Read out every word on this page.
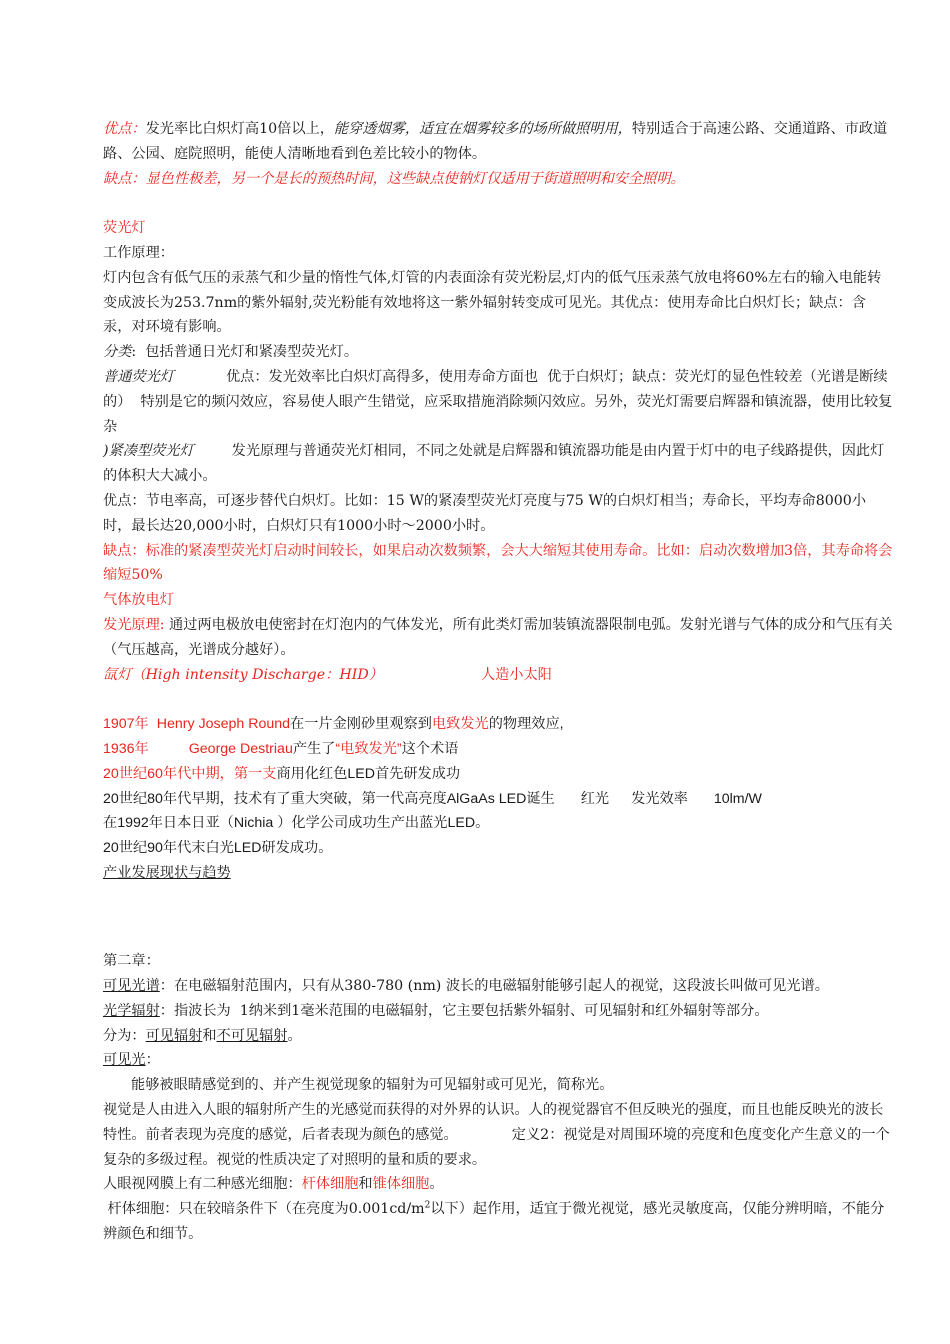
优点：发光率比白炽灯高10倍以上，能穿透烟雾，适宜在烟雾较多的场所做照明用，特别适合于高速公路、交通道路、市政道路、公园、庭院照明，能使人清晰地看到色差比较小的物体。

缺点：显色性极差，另一个是长的预热时间，这些缺点使钠灯仅适用于街道照明和安全照明。

荧光灯

工作原理：

灯内包含有低气压的汞蒸气和少量的惰性气体,灯管的内表面涂有荧光粉层,灯内的低气压汞蒸气放电将60%左右的输入电能转变成波长为253.7nm的紫外辐射,荧光粉能有效地将这一紫外辐射转变成可见光。其优点：使用寿命比白炽灯长；缺点：含汞，对环境有影响。

分类:  包括普通日光灯和紧凑型荧光灯。

普通荧光灯	优点：发光效率比白炽灯高得多，使用寿命方面也  优于白炽灯；缺点：荧光灯的显色性较差（光谱是断续的）  特别是它的频闪效应，容易使人眼产生错觉，应采取措施消除频闪效应。另外，荧光灯需要启辉器和镇流器，使用比较复杂

)紧凑型荧光灯	发光原理与普通荧光灯相同，不同之处就是启辉器和镇流器功能是由内置于灯中的电子线路提供，因此灯的体积大大减小。

优点：节电率高，可逐步替代白炽灯。比如：15 W的紧凑型荧光灯亮度与75 W的白炽灯相当；寿命长，平均寿命8000小时，最长达20,000小时，白炽灯只有1000小时～2000小时。

缺点：标准的紧凑型荧光灯启动时间较长，如果启动次数频繁，会大大缩短其使用寿命。比如：启动次数增加3倍，其寿命将会缩短50%

气体放电灯

发光原理: 通过两电极放电使密封在灯泡内的气体发光，所有此类灯需加装镇流器限制电弧。发射光谱与气体的成分和气压有关（气压越高，光谱成分越好）。

氙灯（High intensity Discharge：HID）	人造小太阳

1907年 Henry Joseph Round在一片金刚砂里观察到电致发光的物理效应,

1936年	George Destriau产生了“电致发光”这个术语

20世纪60年代中期，第一支商用化红色LED首先研发成功

20世纪80年代早期，技术有了重大突破，第一代高亮度AlGaAs LED诞生 红光 发光效率 10lm/W

在1992年日本日亚（Nichia ）化学公司成功生产出蓝光LED。

20世纪90年代末白光LED研发成功。

产业发展现状与趋势

第二章：

可见光谱：在电磁辐射范围内，只有从380-780 (nm) 波长的电磁辐射能够引起人的视觉，这段波长叫做可见光谱。

光学辐射：指波长为  1纳米到1毫米范围的电磁辐射，它主要包括紫外辐射、可见辐射和红外辐射等部分。

分为：可见辐射和不可见辐射。

可见光：

能够被眼睛感觉到的、并产生视觉现象的辐射为可见辐射或可见光，简称光。

视觉是人由进入人眼的辐射所产生的光感觉而获得的对外界的认识。人的视觉器官不但反映光的强度，而且也能反映光的波长特性。前者表现为亮度的感觉，后者表现为颜色的感觉。            定义2：视觉是对周围环境的亮度和色度变化产生意义的一个复杂的多级过程。视觉的性质决定了对照明的量和质的要求。

人眼视网膜上有二种感光细胞：杆体细胞和锥体细胞。

杆体细胞：只在较暗条件下（在亮度为$0.001cd/m^2$以下）起作用，适宜于微光视觉，感光灵敏度高，仅能分辨明暗，不能分辨颜色和细节。
